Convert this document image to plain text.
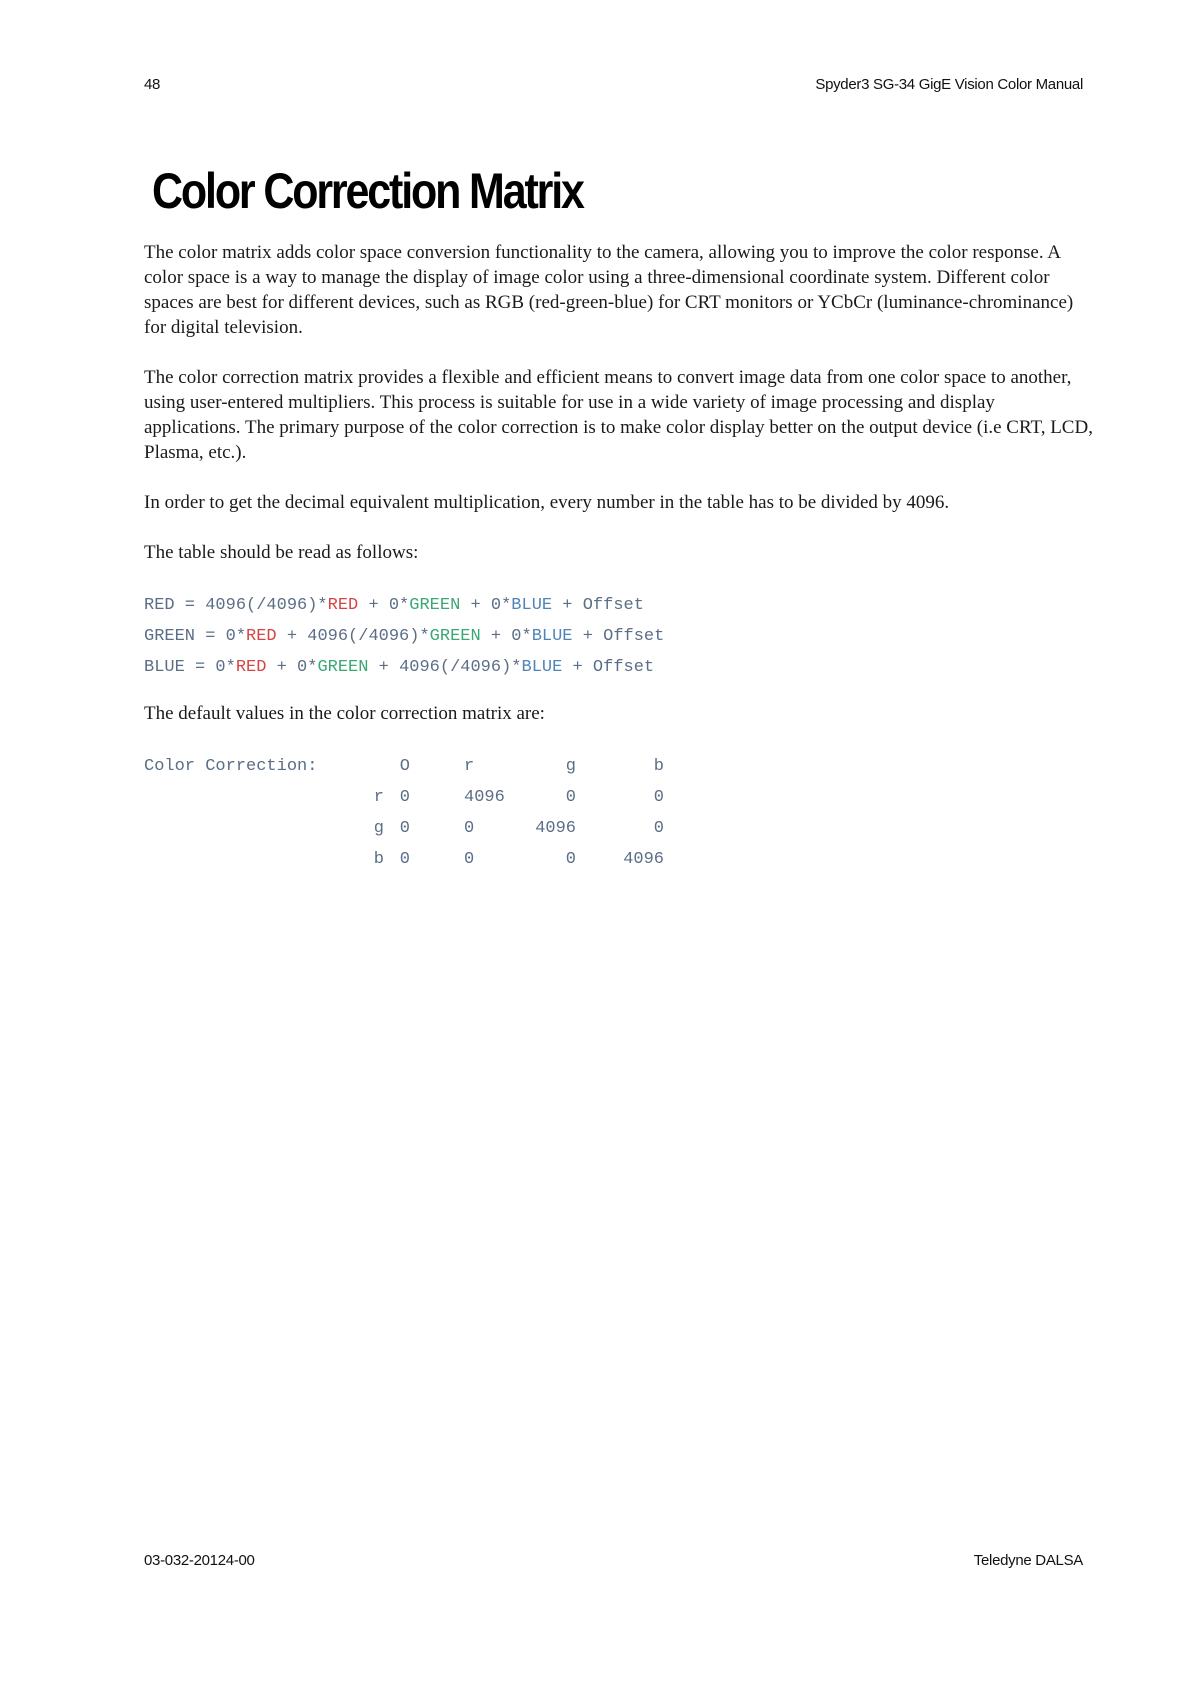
48	Spyder3 SG-34 GigE Vision Color Manual
Color Correction Matrix

The color matrix adds color space conversion functionality to the camera, allowing you to improve the color response. A color space is a way to manage the display of image color using a three-dimensional coordinate system. Different color spaces are best for different devices, such as RGB (red-green-blue) for CRT monitors or YCbCr (luminance-chrominance) for digital television.

The color correction matrix provides a flexible and efficient means to convert image data from one color space to another, using user-entered multipliers. This process is suitable for use in a wide variety of image processing and display applications. The primary purpose of the color correction is to make color display better on the output device (i.e CRT, LCD, Plasma, etc.).

In order to get the decimal equivalent multiplication, every number in the table has to be divided by 4096.

The table should be read as follows:

RED = 4096(/4096)*RED + 0*GREEN + 0*BLUE + Offset
GREEN = 0*RED + 4096(/4096)*GREEN + 0*BLUE + Offset
BLUE = 0*RED + 0*GREEN + 4096(/4096)*BLUE + Offset

The default values in the color correction matrix are:

Color Correction:	O	r	g	b
r 0	4096	0	0
g 0	0	4096	0
b 0	0	0	4096
03-032-20124-00	Teledyne DALSA
